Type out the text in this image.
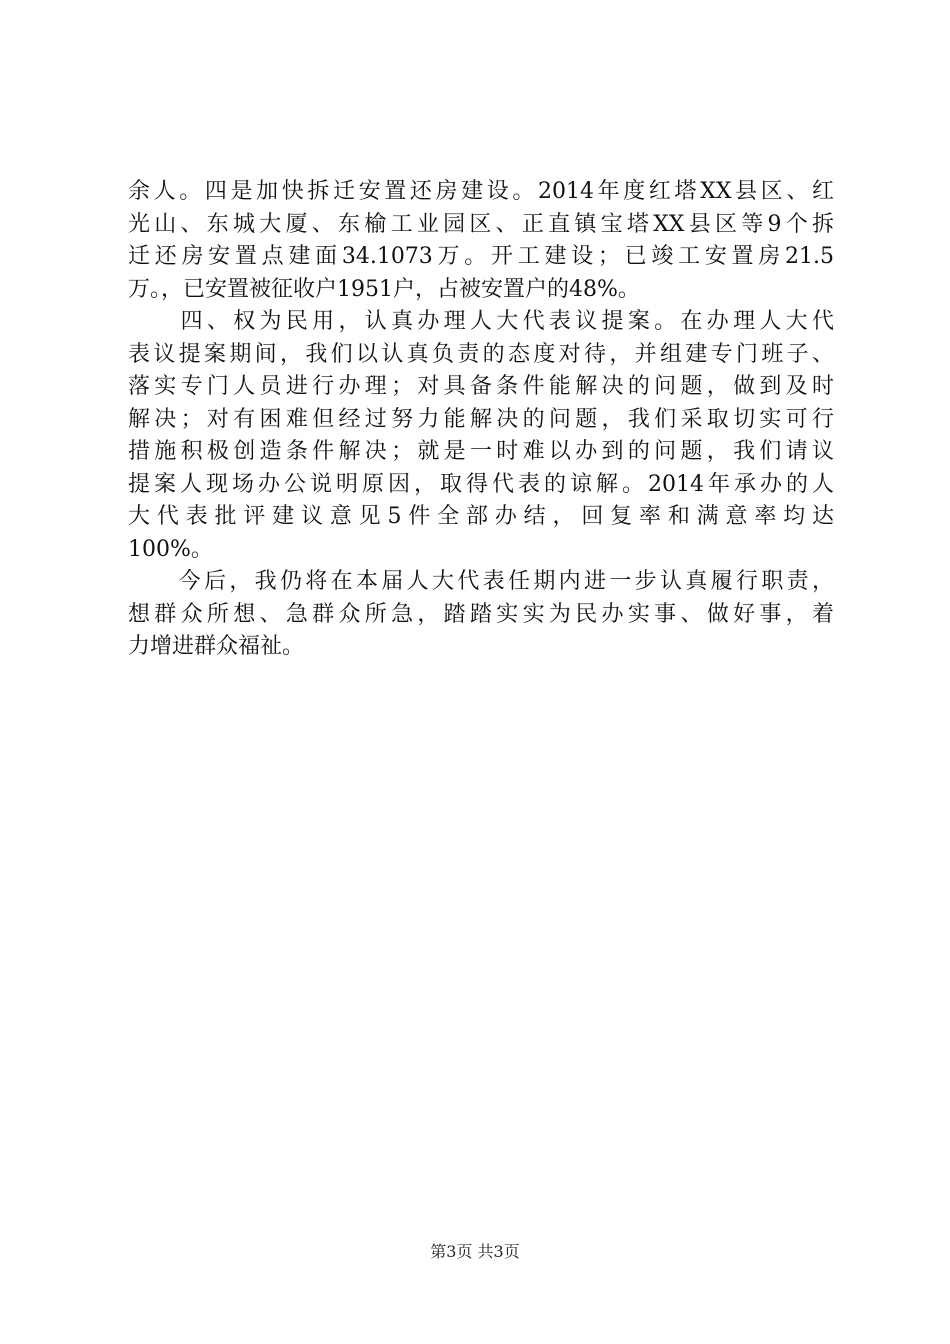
余人。四是加快拆迁安置还房建设。2014年度红塔XX县区、红
光山、东城大厦、东榆工业园区、正直镇宝塔XX县区等9个拆
迁还房安置点建面34.1073万。开工建设；已竣工安置房21.5
万。，已安置被征收户1951户，占被安置户的48%。
　　四、权为民用，认真办理人大代表议提案。在办理人大代
表议提案期间，我们以认真负责的态度对待，并组建专门班子、
落实专门人员进行办理；对具备条件能解决的问题，做到及时
解决；对有困难但经过努力能解决的问题，我们采取切实可行
措施积极创造条件解决；就是一时难以办到的问题，我们请议
提案人现场办公说明原因，取得代表的谅解。2014年承办的人
大代表批评建议意见5件全部办结，回复率和满意率均达
100%。
　　今后，我仍将在本届人大代表任期内进一步认真履行职责，
想群众所想、急群众所急，踏踏实实为民办实事、做好事，着
力增进群众福祉。
第3页 共3页
